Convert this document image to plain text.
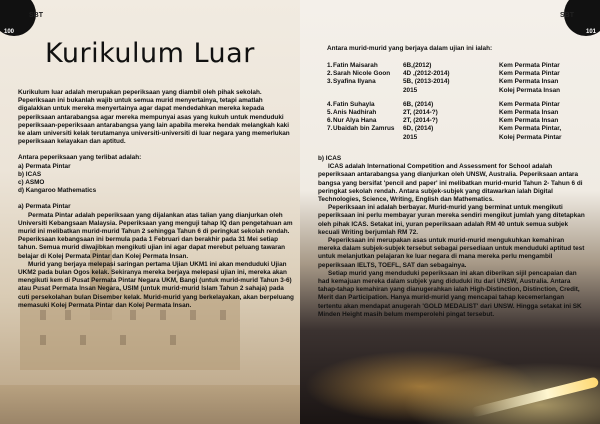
100	101
SBT	SBT
Kurikulum Luar

Kurikulum luar adalah merupakan peperiksaan yang diambil oleh pihak sekolah. Peperiksaan ini bukanlah wajib untuk semua murid menyertainya, tetapi amatlah digalakkan untuk mereka menyertainya agar dapat mendedahkan mereka kepada peperiksaan antarabangsa agar mereka mempunyai asas yang kukuh untuk menduduki peperiksaan-peperiksaan antarabangsa yang lain apabila mereka hendak melangkah kaki ke alam universiti kelak terutamanya universiti-universiti di luar negara yang memerlukan peperiksaan kelayakan dan aptitud.

Antara peperiksaan yang terlibat adalah:

a) Permata Pintar

b) ICAS

c) ASMO

d) Kangaroo Mathematics

a) Permata Pintar

Permata Pintar adalah peperiksaan yang dijalankan atas talian yang dianjurkan oleh Universiti Kebangsaan Malaysia. Peperiksaan yang menguji tahap IQ dan pengetahuan am murid ini melibatkan murid-murid Tahun 2 sehingga Tahun 6 di peringkat sekolah rendah. Peperiksaan kebangsaan ini bermula pada 1 Februari dan berakhir pada 31 Mei setiap tahun. Semua murid diwajibkan mengikuti ujian ini agar dapat merebut peluang tawaran belajar di Kolej Permata Pintar dan Kolej Permata Insan.

Murid yang berjaya melepasi saringan pertama Ujian UKM1 ini akan menduduki Ujian UKM2 pada bulan Ogos kelak. Sekiranya mereka berjaya melepasi ujian ini, mereka akan mengikuti kem di Pusat Permata Pintar Negara UKM, Bangi (untuk murid-murid Tahun 3-6) atau Pusat Permata Insan Negara, USIM (untuk murid-murid Islam Tahun 2 sahaja) pada cuti persekolahan bulan Disember kelak. Murid-murid yang berkelayakan, akan berpeluang memasuki Kolej Permata Pintar dan Kolej Permata Insan.

Antara murid-murid yang berjaya dalam ujian ini ialah:
1. Fatin Maisarah	6B,(2012)	Kem Permata Pintar
2. Sarah Nicole Goon	4D ,(2012-2014)	Kem Permata Pintar
3. Syafina Ilyana	5B, (2013-2014)	Kem Permata Insan
2015	Kolej Permata Insan
4. Fatin Suhayla	6B, (2014)	Kem Permata Pintar
5. Anis Nadhirah	2T, (2014-?)	Kem Permata Insan
6. Nur Alya Hana	2T, (2014-?)	Kem Permata Insan
7. Ubaidah bin Zamrus	6D, (2014)	Kem Permata Pintar,
2015	Kolej Permata Pintar

b) ICAS

ICAS adalah International Competition and Assessment for School adalah peperiksaan antarabangsa yang dianjurkan oleh UNSW, Australia. Peperiksaan antara bangsa yang bersifat 'pencil and paper' ini melibatkan murid-murid Tahun 2- Tahun 6 di peringkat sekolah rendah. Antara subjek-subjek yang ditawarkan ialah Digital Technologies, Science, Writing, English dan Mathematics.

Peperiksaan ini adalah berbayar. Murid-murid yang berminat untuk mengikuti peperiksaan ini perlu membayar yuran mereka sendiri mengikut jumlah yang ditetapkan oleh pihak ICAS. Setakat ini, yuran peperiksaan adalah RM 40 untuk semua subjek kecuali Writing berjumlah RM 72.

Peperiksaan ini merupakan asas untuk murid-murid mengukuhkan kemahiran mereka dalam subjek-subjek tersebut sebagai persediaan untuk menduduki aptitud test untuk melanjutkan pelajaran ke luar negara di mana mereka perlu mengambil peperiksaan IELTS, TOEFL, SAT dan sebagainya.

Setiap murid yang menduduki peperiksaan ini akan diberikan sijil pencapaian dan had kemajuan mereka dalam subjek yang diduduki itu dari UNSW, Australia. Antara tahap-tahap kemahiran yang dianugerahkan ialah High-Distinction, Distinction, Credit, Merit dan Participation. Hanya murid-murid yang mencapai tahap kecemerlangan tertentu akan mendapat anugerah 'GOLD MEDALIST' dari UNSW. Hingga setakat ini SK Minden Height masih belum memperolehi pingat tersebut.
